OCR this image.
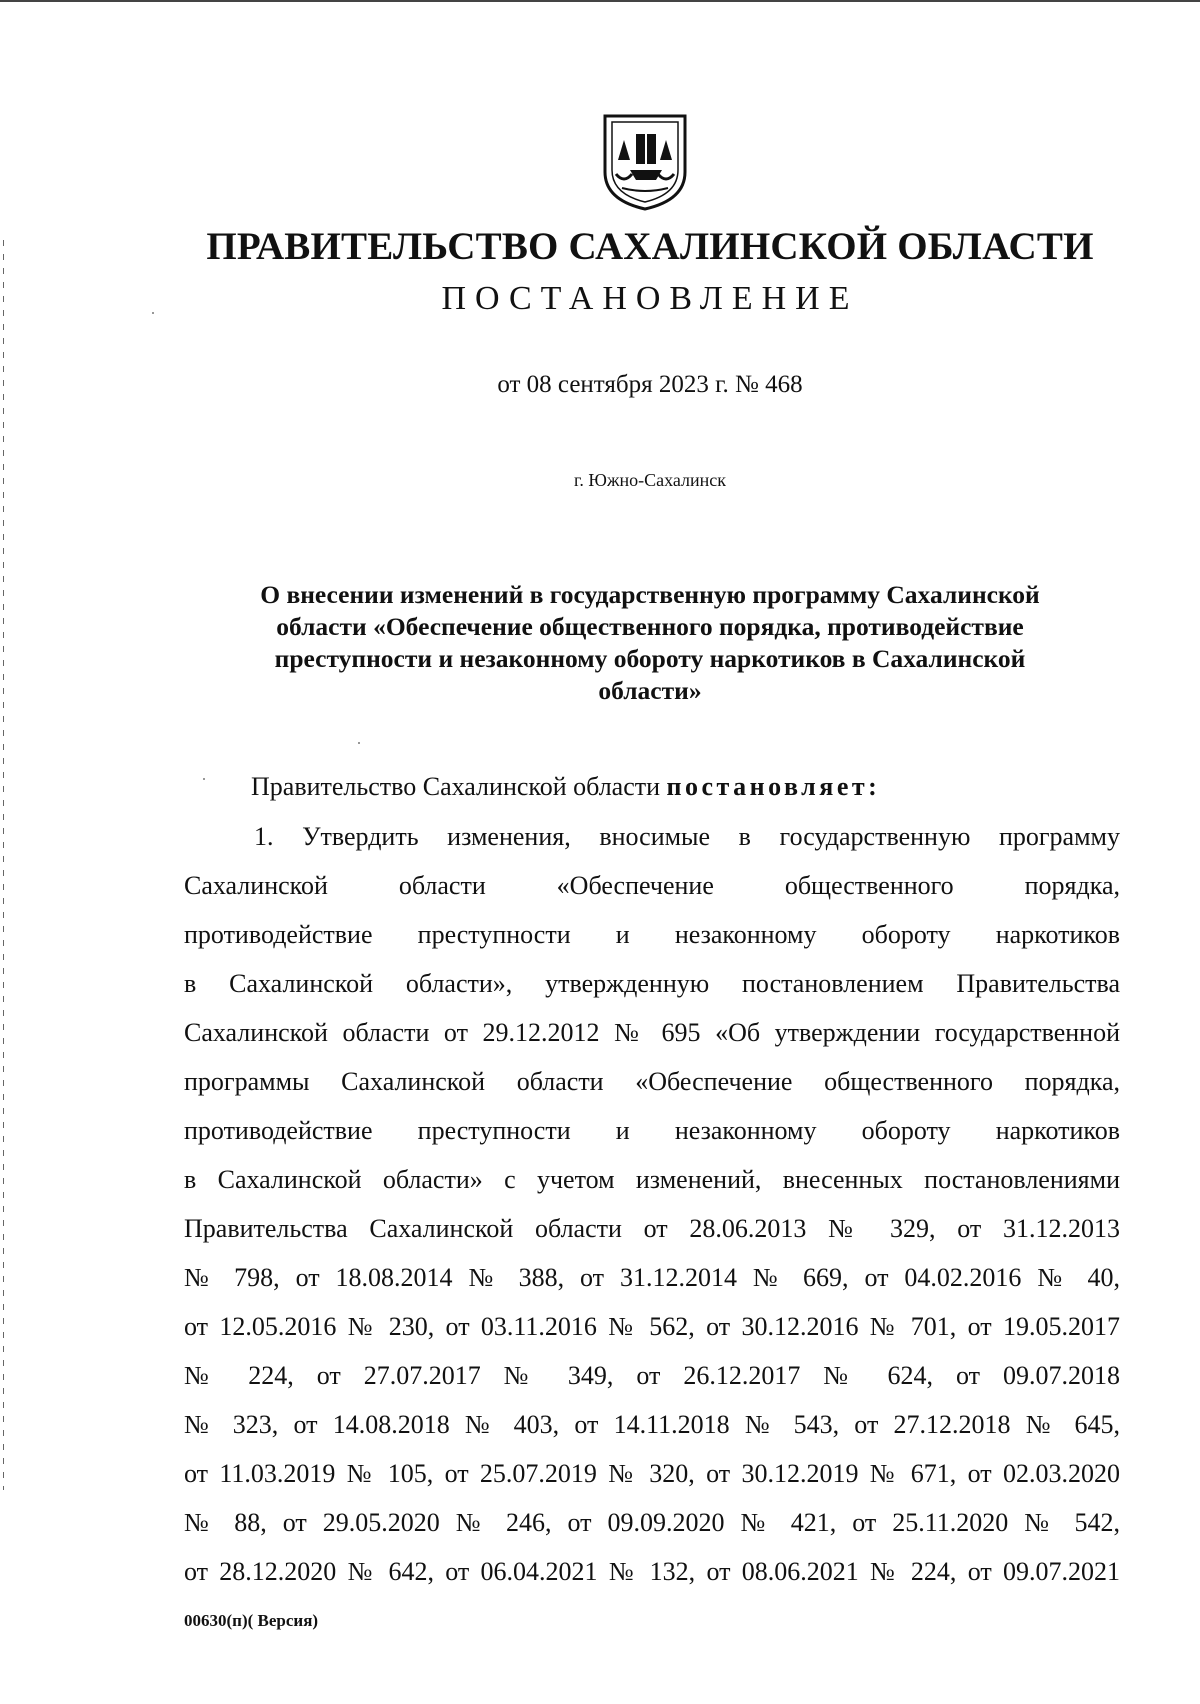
ПРАВИТЕЛЬСТВО САХАЛИНСКОЙ ОБЛАСТИ
ПОСТАНОВЛЕНИЕ
от 08 сентября 2023 г. № 468
г. Южно-Сахалинск
О внесении изменений в государственную программу Сахалинской
области «Обеспечение общественного порядка, противодействие
преступности и незаконному обороту наркотиков в Сахалинской
области»
Правительство Сахалинской области постановляет:
1. Утвердить изменения, вносимые в государственную программу
Сахалинской области «Обеспечение общественного порядка,
противодействие преступности и незаконному обороту наркотиков
в Сахалинской области», утвержденную постановлением Правительства
Сахалинской области от 29.12.2012 № 695 «Об утверждении государственной
программы Сахалинской области «Обеспечение общественного порядка,
противодействие преступности и незаконному обороту наркотиков
в Сахалинской области» с учетом изменений, внесенных постановлениями
Правительства Сахалинской области от 28.06.2013 № 329, от 31.12.2013
№ 798, от 18.08.2014 № 388, от 31.12.2014 № 669, от 04.02.2016 № 40,
от 12.05.2016 № 230, от 03.11.2016 № 562, от 30.12.2016 № 701, от 19.05.2017
№ 224, от 27.07.2017 № 349, от 26.12.2017 № 624, от 09.07.2018
№ 323, от 14.08.2018 № 403, от 14.11.2018 № 543, от 27.12.2018 № 645,
от 11.03.2019 № 105, от 25.07.2019 № 320, от 30.12.2019 № 671, от 02.03.2020
№ 88, от 29.05.2020 № 246, от 09.09.2020 № 421, от 25.11.2020 № 542,
от 28.12.2020 № 642, от 06.04.2021 № 132, от 08.06.2021 № 224, от 09.07.2021
00630(п)( Версия)
